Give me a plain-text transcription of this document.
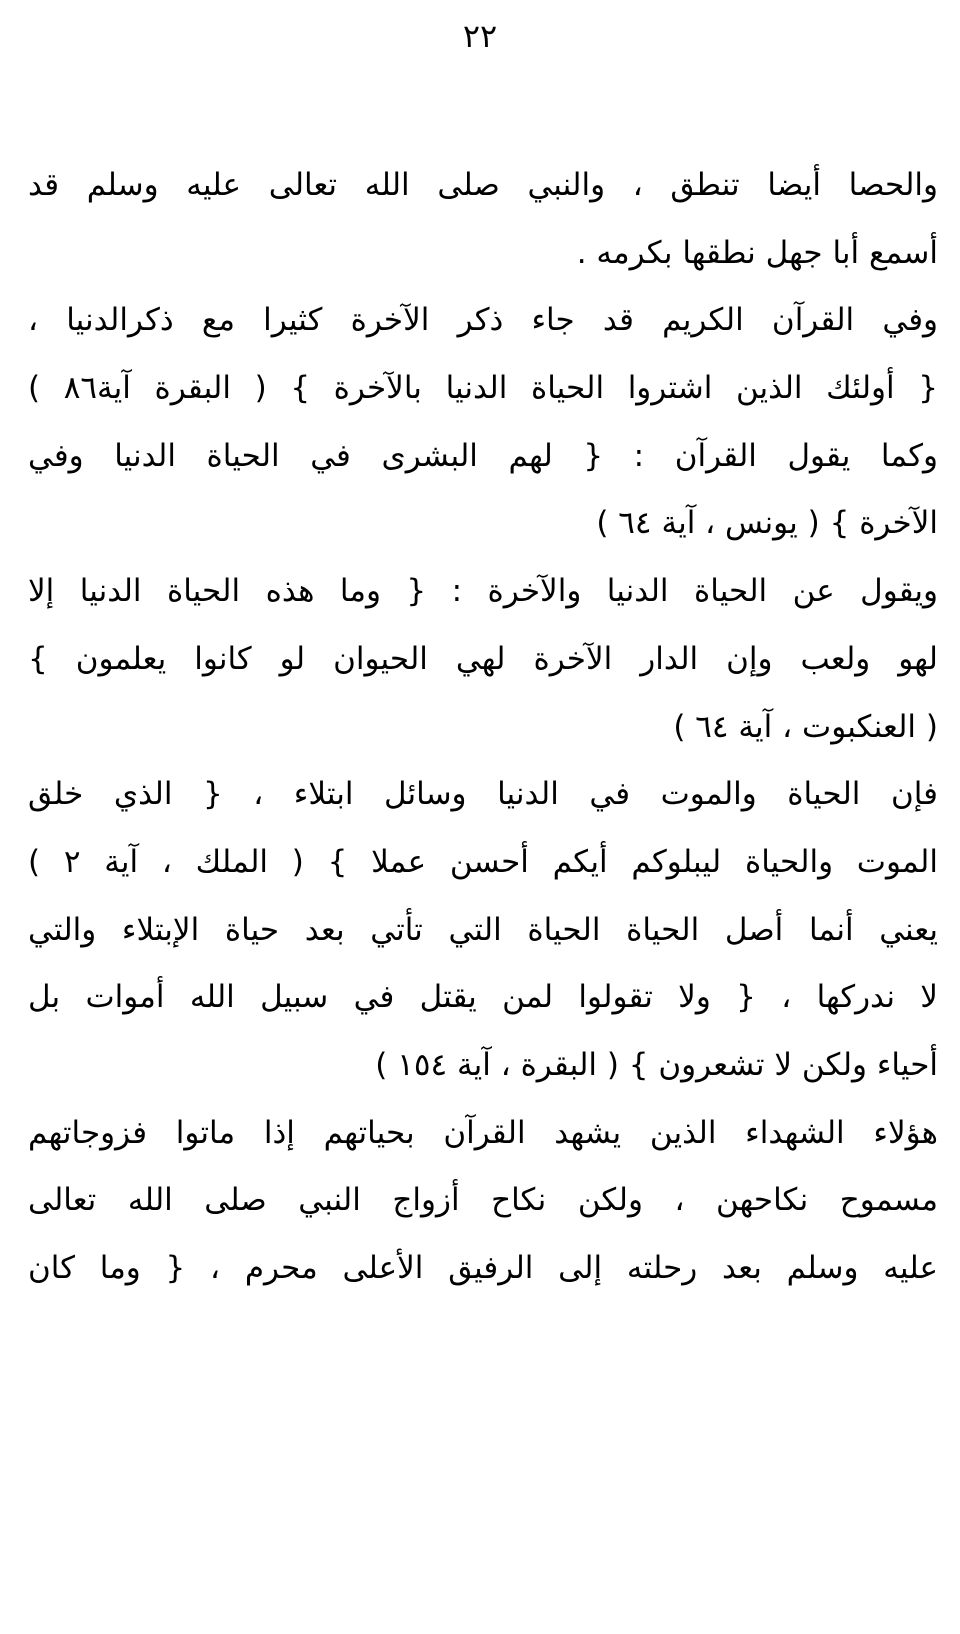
٢٢
والحصا أيضا تنطق ، والنبي صلى الله تعالى عليه وسلم قد
أسمع أبا جهل نطقها بكرمه .
وفي القرآن الكريم قد جاء ذكر الآخرة كثيرا مع ذكرالدنيا ،
{ أولئك الذين اشتروا الحياة الدنيا بالآخرة } ( البقرة آية٨٦ )
وكما يقول القرآن : { لهم البشرى في الحياة الدنيا وفي
الآخرة } ( يونس ، آية ٦٤ )
ويقول عن الحياة الدنيا والآخرة : { وما هذه الحياة الدنيا إلا
لهو ولعب وإن الدار الآخرة لهي الحيوان لو كانوا يعلمون }
( العنكبوت ، آية ٦٤ )
فإن الحياة والموت في الدنيا وسائل ابتلاء ، { الذي خلق
الموت والحياة ليبلوكم أيكم أحسن عملا } ( الملك ، آية ٢ )
يعني أنما أصل الحياة الحياة التي تأتي بعد حياة الإبتلاء والتي
لا ندركها ، { ولا تقولوا لمن يقتل في سبيل الله أموات بل
أحياء ولكن لا تشعرون } ( البقرة ، آية ١٥٤ )
هؤلاء الشهداء الذين يشهد القرآن بحياتهم إذا ماتوا فزوجاتهم
مسموح نكاحهن ، ولكن نكاح أزواج النبي صلى الله تعالى
عليه وسلم بعد رحلته إلى الرفيق الأعلى محرم ، { وما كان
